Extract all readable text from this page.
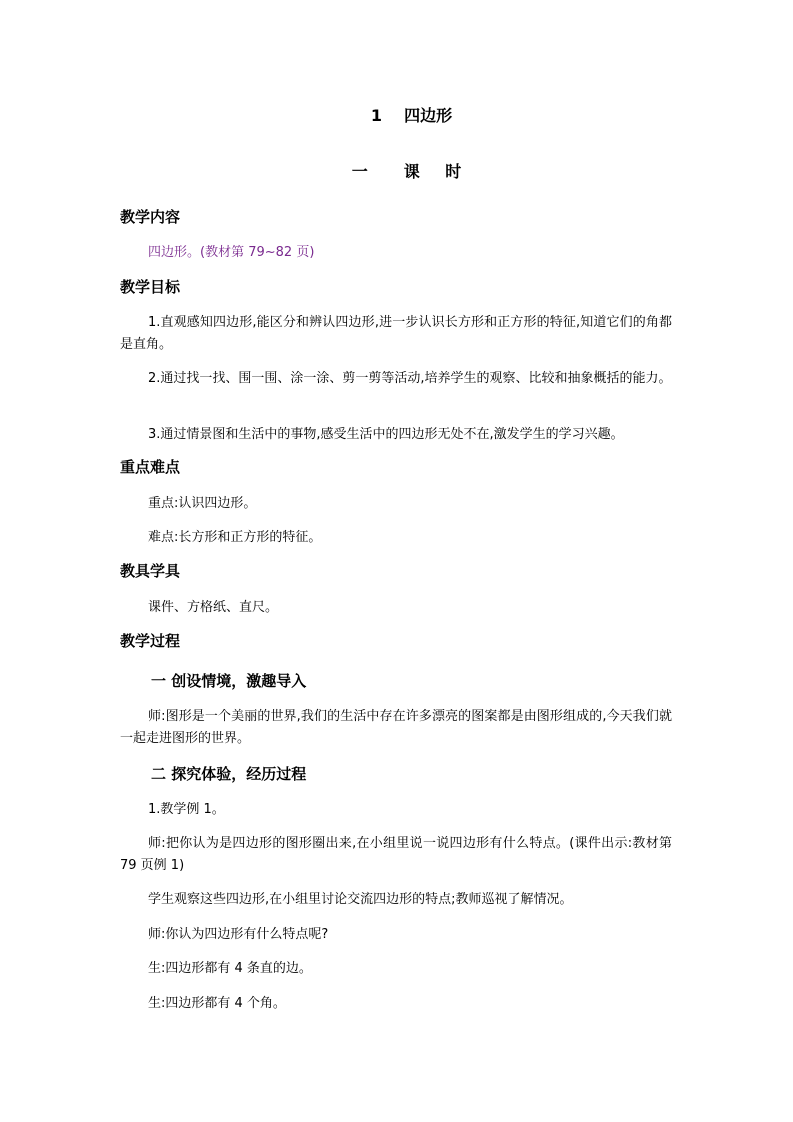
1 四边形
一　课 时
教学内容
四边形。(教材第 79~82 页)
教学目标
1.直观感知四边形,能区分和辨认四边形,进一步认识长方形和正方形的特征,知道它们的角都是直角。
2.通过找一找、围一围、涂一涂、剪一剪等活动,培养学生的观察、比较和抽象概括的能力。
3.通过情景图和生活中的事物,感受生活中的四边形无处不在,激发学生的学习兴趣。
重点难点
重点:认识四边形。
难点:长方形和正方形的特征。
教具学具
课件、方格纸、直尺。
教学过程
一 创设情境，激趣导入
师:图形是一个美丽的世界,我们的生活中存在许多漂亮的图案都是由图形组成的,今天我们就一起走进图形的世界。
二 探究体验，经历过程
1.教学例 1。
师:把你认为是四边形的图形圈出来,在小组里说一说四边形有什么特点。(课件出示:教材第 79 页例 1)
学生观察这些四边形,在小组里讨论交流四边形的特点;教师巡视了解情况。
师:你认为四边形有什么特点呢?
生:四边形都有 4 条直的边。
生:四边形都有 4 个角。
